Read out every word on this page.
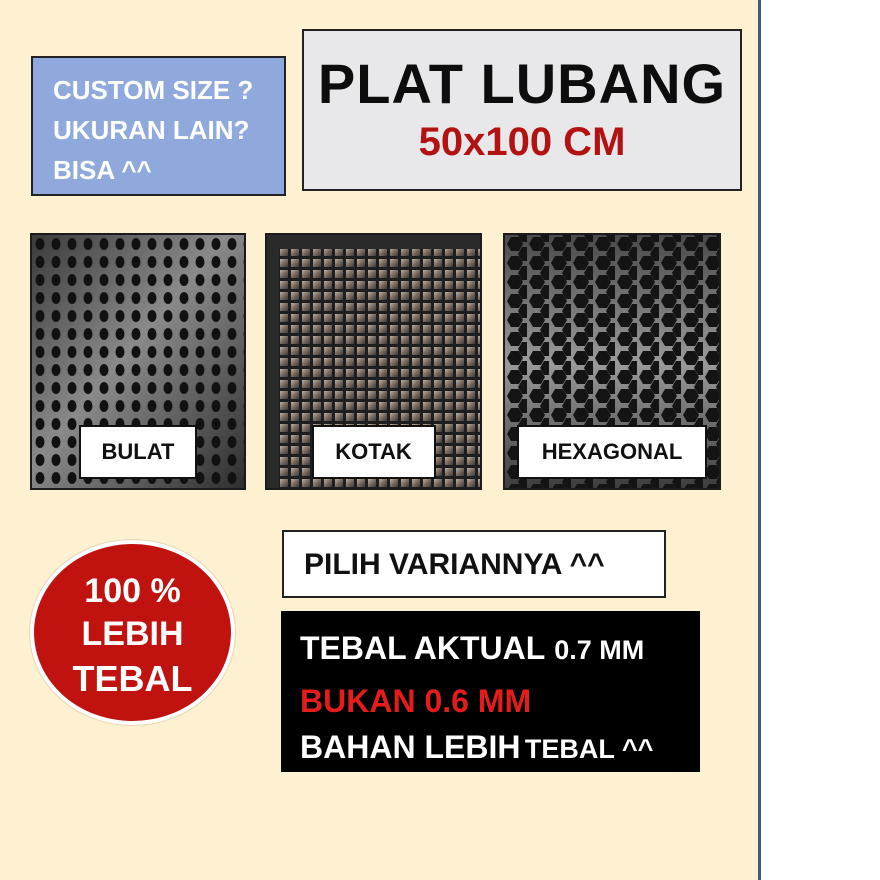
CUSTOM SIZE ?
UKURAN LAIN?
BISA ^^
PLAT LUBANG
50x100 CM
BULAT	KOTAK	HEXAGONAL
100 %
LEBIH
TEBAL
PILIH VARIANNYA ^^
TEBAL AKTUAL 0.7 MM
BUKAN 0.6 MM
BAHAN LEBIH TEBAL ^^
